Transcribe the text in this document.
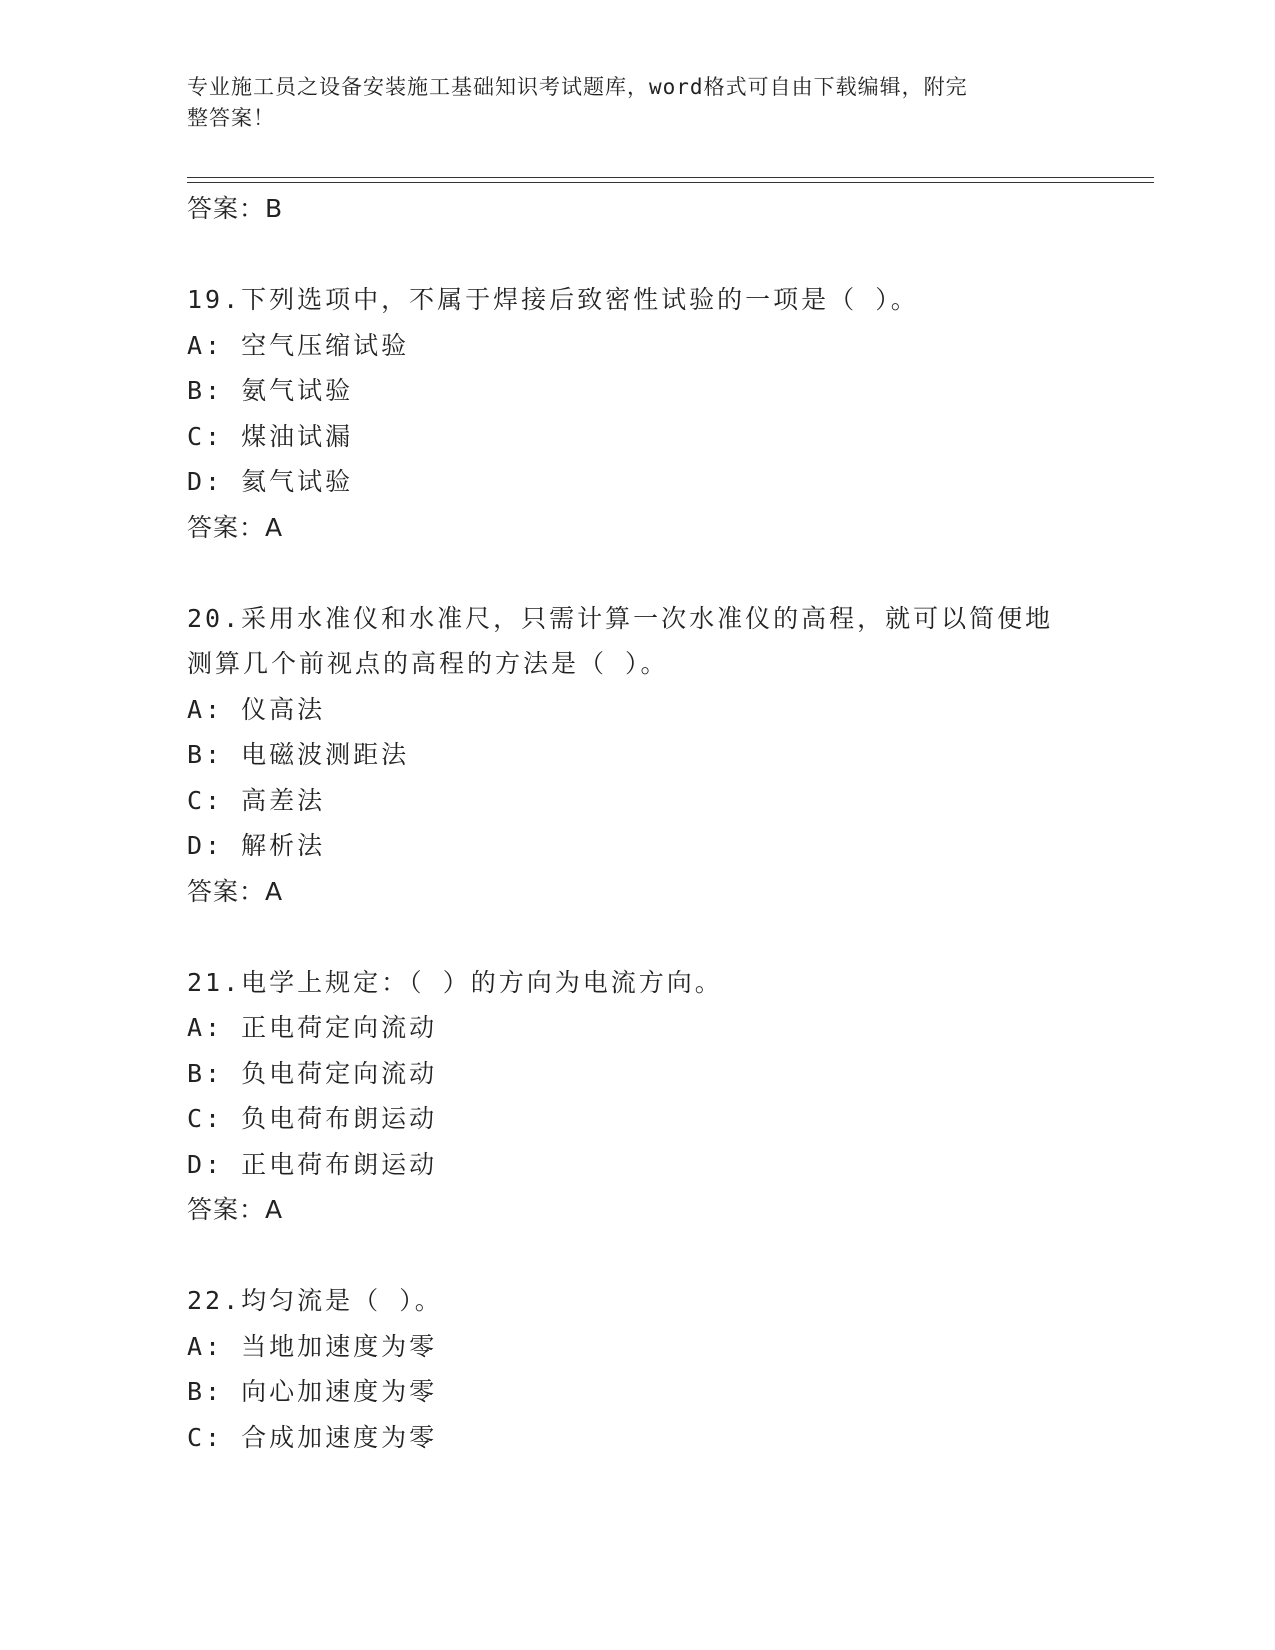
专业施工员之设备安装施工基础知识考试题库，word格式可自由下载编辑，附完
整答案！
答案：B
19.下列选项中，不属于焊接后致密性试验的一项是（ ）。
A: 空气压缩试验
B: 氨气试验
C: 煤油试漏
D: 氦气试验
答案：A
20.采用水准仪和水准尺，只需计算一次水准仪的高程，就可以简便地
测算几个前视点的高程的方法是（ ）。
A: 仪高法
B: 电磁波测距法
C: 高差法
D: 解析法
答案：A
21.电学上规定：（ ）的方向为电流方向。
A: 正电荷定向流动
B: 负电荷定向流动
C: 负电荷布朗运动
D: 正电荷布朗运动
答案：A
22.均匀流是（ ）。
A: 当地加速度为零
B: 向心加速度为零
C: 合成加速度为零
